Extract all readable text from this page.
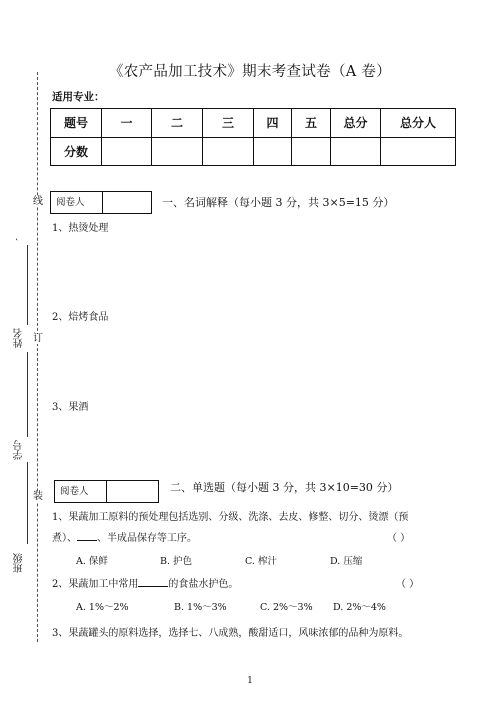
线
订
装
、
姓名
学号
班级
《农产品加工技术》期末考查试卷（A 卷）
适用专业：
题号	一	二	三	四	五	总分	总分人
分数							
阅卷人	一、名词解释（每小题 3 分，共 3×5=15 分）
1、热烫处理
2、焙烤食品
3、果酒
阅卷人	二、单选题（每小题 3 分，共 3×10=30 分）
1、果蔬加工原料的预处理包括选别、分级、洗涤、去皮、修整、切分、烫漂（预
煮）、 、半成品保存等工序。	（ ）
A. 保鲜	B. 护色	C. 榨汁	D. 压缩
2、果蔬加工中常用	的食盐水护色。	（ ）
A. 1%～2%	B. 1%～3%	C. 2%～3% D. 2%～4%
3、果蔬罐头的原料选择，选择七、八成熟，酸甜适口，风味浓郁的品种为原料。
1
